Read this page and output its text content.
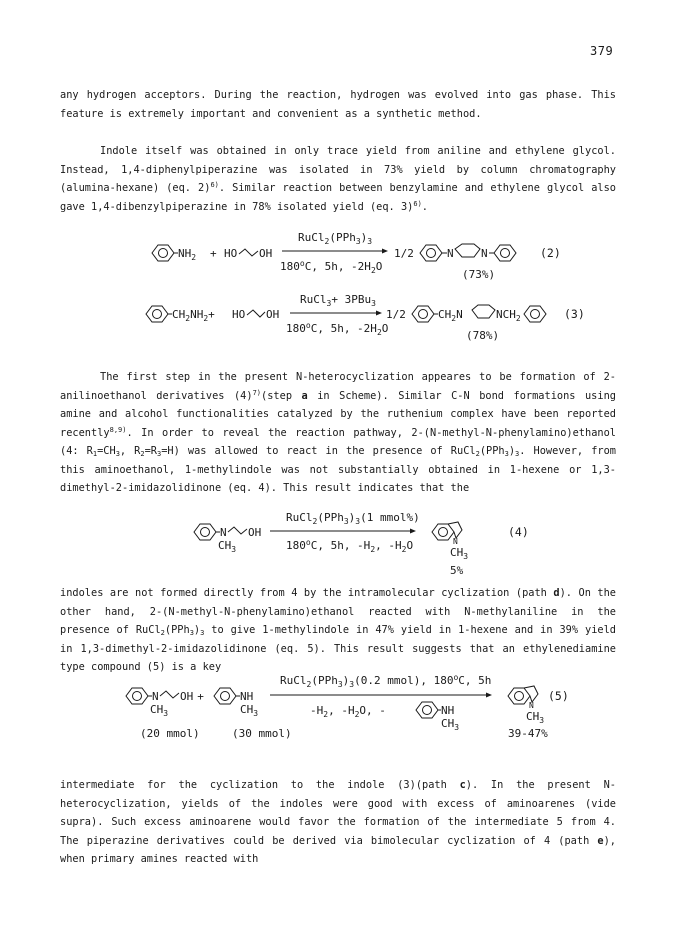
379

any hydrogen acceptors. During the reaction, hydrogen was evolved into gas phase. This feature is extremely important and convenient as a synthetic method.

Indole itself was obtained in only trace yield from aniline and ethylene glycol. Instead, 1,4-diphenylpiperazine was isolated in 73% yield by column chromatography (alumina-hexane) (eq. 2)$^{6)}$. Similar reaction between benzylamine and ethylene glycol also gave 1,4-dibenzylpiperazine in 78% isolated yield (eq. 3)$^{6)}$.

$NH_2$ + HO OH
$RuCl_2(PPh_3)_3$
180$^o$C, 5h, $-2H_2O$
1/2	N N
(73%)
(2)
$CH_2NH_2+$ HO OH
RuCl$_3$+ 3PBu$_3$
180$^o$C, 5h, $-2H_2O$
1/2	$CH_2N$	$NCH_2$
(78%)
(3)

The first step in the present N-heterocyclization appeares to be formation of 2-anilinoethanol derivatives $(4)^{7)}(step$ a in Scheme). Similar C-N bond formations using amine and alcohol functionalities catalyzed by the ruthenium complex have been reported recently$^{8,9)}$. In order to reveal the reaction pathway, 2-(N-methyl-N-phenylamino)ethanol (4: $R_1=CH_3$, $R_2=R_3=H$) was allowed to react in the presence of $RuCl_2(PPh_3)_3$. However, from this aminoethanol, 1-methylindole was not substantially obtained in 1-hexene or 1,3-dimethyl-2-imidazolidinone (eq. 4). This result indicates that the

N OH
$CH_3$
$RuCl_2(PPh_3)_3(1$ mmol%)
180$^o$C, 5h, $-H_2$, $-H_2O$	N
$CH_3$
5%
(4)

indoles are not formed directly from 4 by the intramolecular cyclization (path d). On the other hand, 2-(N-methyl-N-phenylamino)ethanol reacted with N-methylaniline in the presence of $RuCl_2(PPh_3)_3$ to give 1-methylindole in 47% yield in 1-hexene and in 39% yield in 1,3-dimethyl-2-imidazolidinone (eq. 5). This result suggests that an ethylenediamine type compound (5) is a key

N OH +
$CH_3$
NH
$CH_3$
(20 mmol)	(30 mmol)
$RuCl_2(PPh_3)_3(0.2$ mmol), 180$^o$C, 5h
$-H_2$, $-H_2O$, -	NH
$CH_3$
N
$CH_3$
(5)
39-47%

intermediate for the cyclization to the indole (3)(path c). In the present N-heterocyclization, yields of the indoles were good with excess of aminoarenes (vide supra). Such excess aminoarene would favor the formation of the intermediate 5 from 4. The piperazine derivatives could be derived via bimolecular cyclization of 4 (path e), when primary amines reacted with
